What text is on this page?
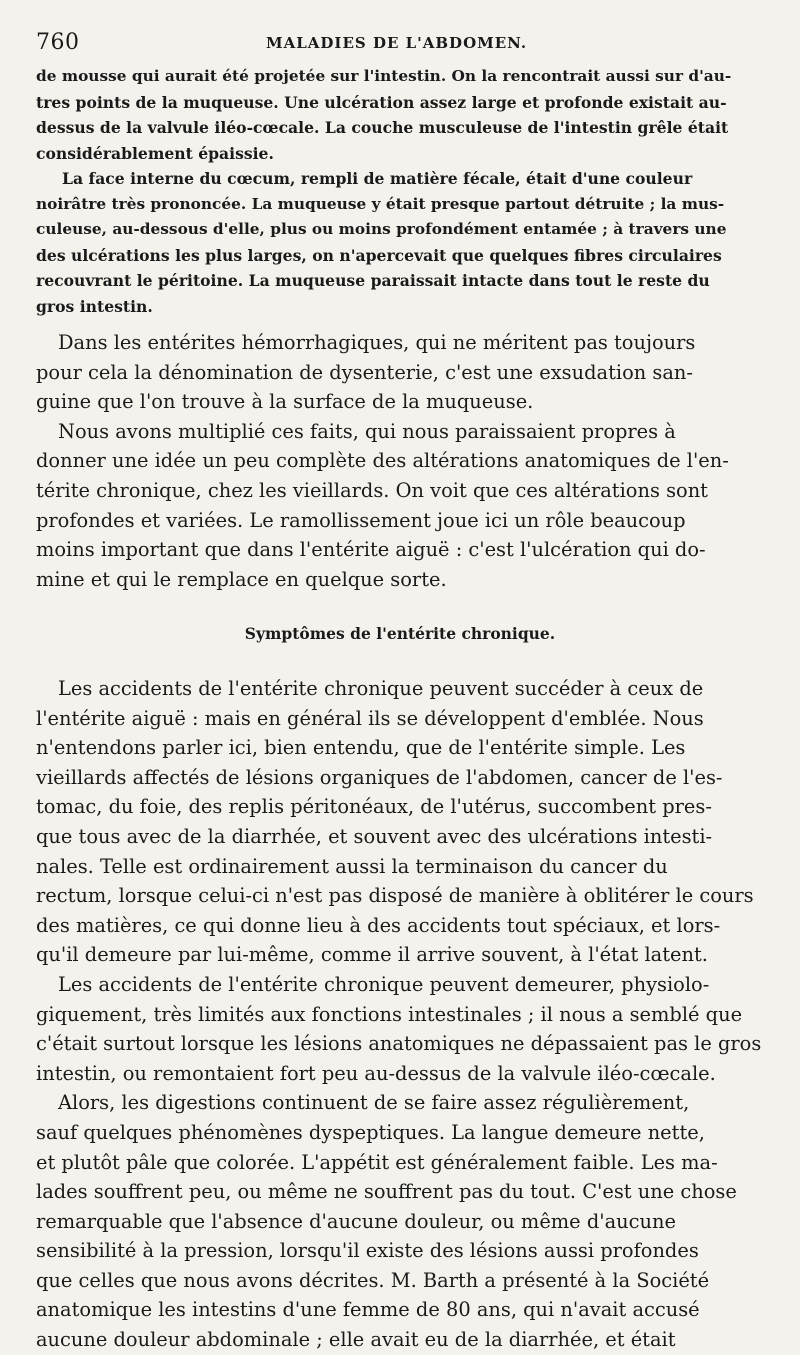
760	MALADIES DE L'ABDOMEN.
de mousse qui aurait été projetée sur l'intestin. On la rencontrait aussi sur d'au-
tres points de la muqueuse. Une ulcération assez large et profonde existait au-
dessus de la valvule iléo-cœcale. La couche musculeuse de l'intestin grêle était
considérablement épaissie.
La face interne du cœcum, rempli de matière fécale, était d'une couleur
noirâtre très prononcée. La muqueuse y était presque partout détruite ; la mus-
culeuse, au-dessous d'elle, plus ou moins profondément entamée ; à travers une
des ulcérations les plus larges, on n'apercevait que quelques fibres circulaires
recouvrant le péritoine. La muqueuse paraissait intacte dans tout le reste du
gros intestin.
Dans les entérites hémorrhagiques, qui ne méritent pas toujours
pour cela la dénomination de dysenterie, c'est une exsudation san-
guine que l'on trouve à la surface de la muqueuse.
Nous avons multiplié ces faits, qui nous paraissaient propres à
donner une idée un peu complète des altérations anatomiques de l'en-
térite chronique, chez les vieillards. On voit que ces altérations sont
profondes et variées. Le ramollissement joue ici un rôle beaucoup
moins important que dans l'entérite aiguë : c'est l'ulcération qui do-
mine et qui le remplace en quelque sorte.
Symptômes de l'entérite chronique.
Les accidents de l'entérite chronique peuvent succéder à ceux de
l'entérite aiguë : mais en général ils se développent d'emblée. Nous
n'entendons parler ici, bien entendu, que de l'entérite simple. Les
vieillards affectés de lésions organiques de l'abdomen, cancer de l'es-
tomac, du foie, des replis péritonéaux, de l'utérus, succombent pres-
que tous avec de la diarrhée, et souvent avec des ulcérations intesti-
nales. Telle est ordinairement aussi la terminaison du cancer du
rectum, lorsque celui-ci n'est pas disposé de manière à oblitérer le cours
des matières, ce qui donne lieu à des accidents tout spéciaux, et lors-
qu'il demeure par lui-même, comme il arrive souvent, à l'état latent.
Les accidents de l'entérite chronique peuvent demeurer, physiolo-
giquement, très limités aux fonctions intestinales ; il nous a semblé que
c'était surtout lorsque les lésions anatomiques ne dépassaient pas le gros
intestin, ou remontaient fort peu au-dessus de la valvule iléo-cœcale.
Alors, les digestions continuent de se faire assez régulièrement,
sauf quelques phénomènes dyspeptiques. La langue demeure nette,
et plutôt pâle que colorée. L'appétit est généralement faible. Les ma-
lades souffrent peu, ou même ne souffrent pas du tout. C'est une chose
remarquable que l'absence d'aucune douleur, ou même d'aucune
sensibilité à la pression, lorsqu'il existe des lésions aussi profondes
que celles que nous avons décrites. M. Barth a présenté à la Société
anatomique les intestins d'une femme de 80 ans, qui n'avait accusé
aucune douleur abdominale ; elle avait eu de la diarrhée, et était
